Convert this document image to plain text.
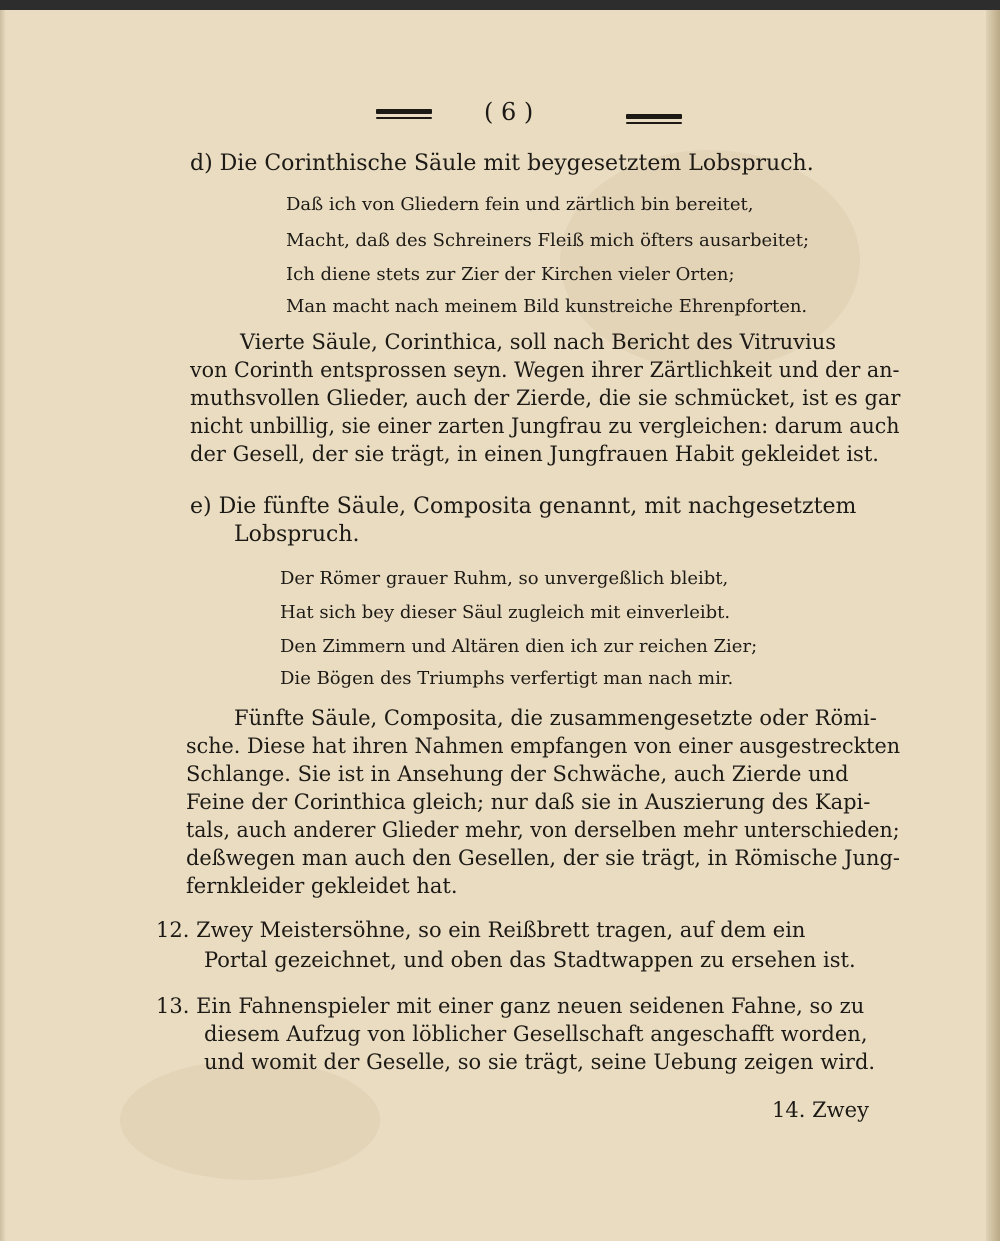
( 6 )

d) Die Corinthische Säule mit beygesetztem Lobspruch.

Daß ich von Gliedern fein und zärtlich bin bereitet,

Macht, daß des Schreiners Fleiß mich öfters ausarbeitet;

Ich diene stets zur Zier der Kirchen vieler Orten;

Man macht nach meinem Bild kunstreiche Ehrenpforten.

Vierte Säule, Corinthica, soll nach Bericht des Vitruvius

von Corinth entsprossen seyn. Wegen ihrer Zärtlichkeit und der an-

muthsvollen Glieder, auch der Zierde, die sie schmücket, ist es gar

nicht unbillig, sie einer zarten Jungfrau zu vergleichen: darum auch

der Gesell, der sie trägt, in einen Jungfrauen Habit gekleidet ist.

e) Die fünfte Säule, Composita genannt, mit nachgesetztem

Lobspruch.

Der Römer grauer Ruhm, so unvergeßlich bleibt,

Hat sich bey dieser Säul zugleich mit einverleibt.

Den Zimmern und Altären dien ich zur reichen Zier;

Die Bögen des Triumphs verfertigt man nach mir.

Fünfte Säule, Composita, die zusammengesetzte oder Römi-

sche. Diese hat ihren Nahmen empfangen von einer ausgestreckten

Schlange. Sie ist in Ansehung der Schwäche, auch Zierde und

Feine der Corinthica gleich; nur daß sie in Auszierung des Kapi-

tals, auch anderer Glieder mehr, von derselben mehr unterschieden;

deßwegen man auch den Gesellen, der sie trägt, in Römische Jung-

fernkleider gekleidet hat.

12. Zwey Meistersöhne, so ein Reißbrett tragen, auf dem ein

Portal gezeichnet, und oben das Stadtwappen zu ersehen ist.

13. Ein Fahnenspieler mit einer ganz neuen seidenen Fahne, so zu

diesem Aufzug von löblicher Gesellschaft angeschafft worden,

und womit der Geselle, so sie trägt, seine Uebung zeigen wird.

14. Zwey
